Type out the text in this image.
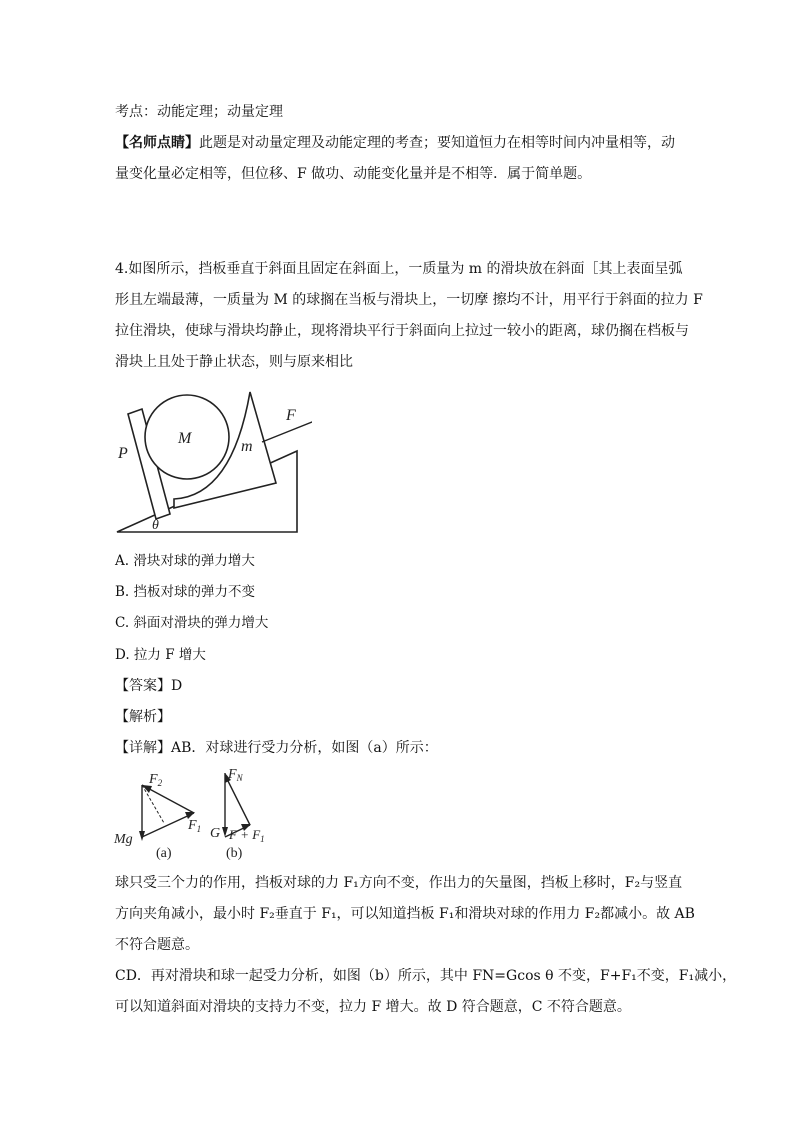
考点：动能定理；动量定理
【名师点睛】此题是对动量定理及动能定理的考查；要知道恒力在相等时间内冲量相等，动
量变化量必定相等，但位移、F 做功、动能变化量并是不相等．属于简单题。
4.如图所示，挡板垂直于斜面且固定在斜面上，一质量为 m 的滑块放在斜面［其上表面呈弧
形且左端最薄，一质量为 M 的球搁在当板与滑块上，一切摩 擦均不计，用平行于斜面的拉力 F
拉住滑块，使球与滑块均静止，现将滑块平行于斜面向上拉过一较小的距离，球仍搁在档板与
滑块上且处于静止状态，则与原来相比
P
M	m
F
θ
A. 滑块对球的弹力增大
B. 挡板对球的弹力不变
C. 斜面对滑块的弹力增大
D. 拉力 F 增大
【答案】D
【解析】
【详解】AB．对球进行受力分析，如图（a）所示：
$F_2$
$F_1$
Mg
(a)
$F_N$
G $F + F_1$
(b)
球只受三个力的作用，挡板对球的力 F₁方向不变，作出力的矢量图，挡板上移时，F₂与竖直
方向夹角减小，最小时 F₂垂直于 F₁，可以知道挡板 F₁和滑块对球的作用力 F₂都减小。故 AB
不符合题意。
CD．再对滑块和球一起受力分析，如图（b）所示，其中 FN=Gcos θ 不变，F+F₁不变，F₁减小，
可以知道斜面对滑块的支持力不变，拉力 F 增大。故 D 符合题意，C 不符合题意。
